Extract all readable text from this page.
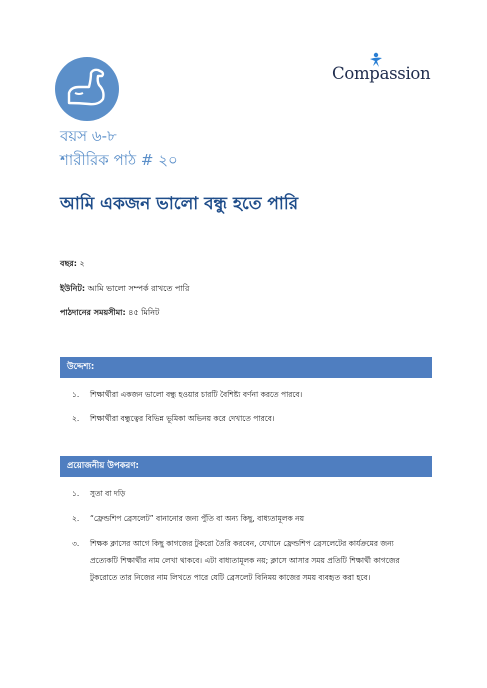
Compassion
বয়স ৬-৮
শারীরিক পাঠ # ২০
আমি একজন ভালো বন্ধু হতে পারি
বছর: ২
ইউনিট: আমি ভালো সম্পর্ক রাখতে পারি
পাঠদানের সময়সীমা: ৪৫ মিনিট
উদ্দেশ্য:
১. শিক্ষার্থীরা একজন ভালো বন্ধু হওয়ার চারটি বৈশিষ্ট্য বর্ণনা করতে পারবে।
২. শিক্ষার্থীরা বন্ধুত্বের বিভিন্ন ভূমিকা অভিনয় করে দেখাতে পারবে।
প্রয়োজনীয় উপকরণ:
১. সুতা বা দড়ি
২. “ফ্রেন্ডশিপ ব্রেসলেট” বানানোর জন্য পুঁতি বা অন্য কিছু, বাধ্যতামূলক নয়
৩. শিক্ষক ক্লাসের আগে কিছু কাগজের টুকরো তৈরি করবেন, যেখানে ফ্রেন্ডশিপ ব্রেসলেটের কার্যক্রমের জন্য
প্রত্যেকটি শিক্ষার্থীর নাম লেখা থাকবে। এটা বাধ্যতামূলক নয়; ক্লাসে আসার সময় প্রতিটি শিক্ষার্থী কাগজের
টুকরোতে তার নিজের নাম লিখতে পারে যেটি ব্রেসলেট বিনিময় কাজের সময় ব্যবহৃত করা হবে।
